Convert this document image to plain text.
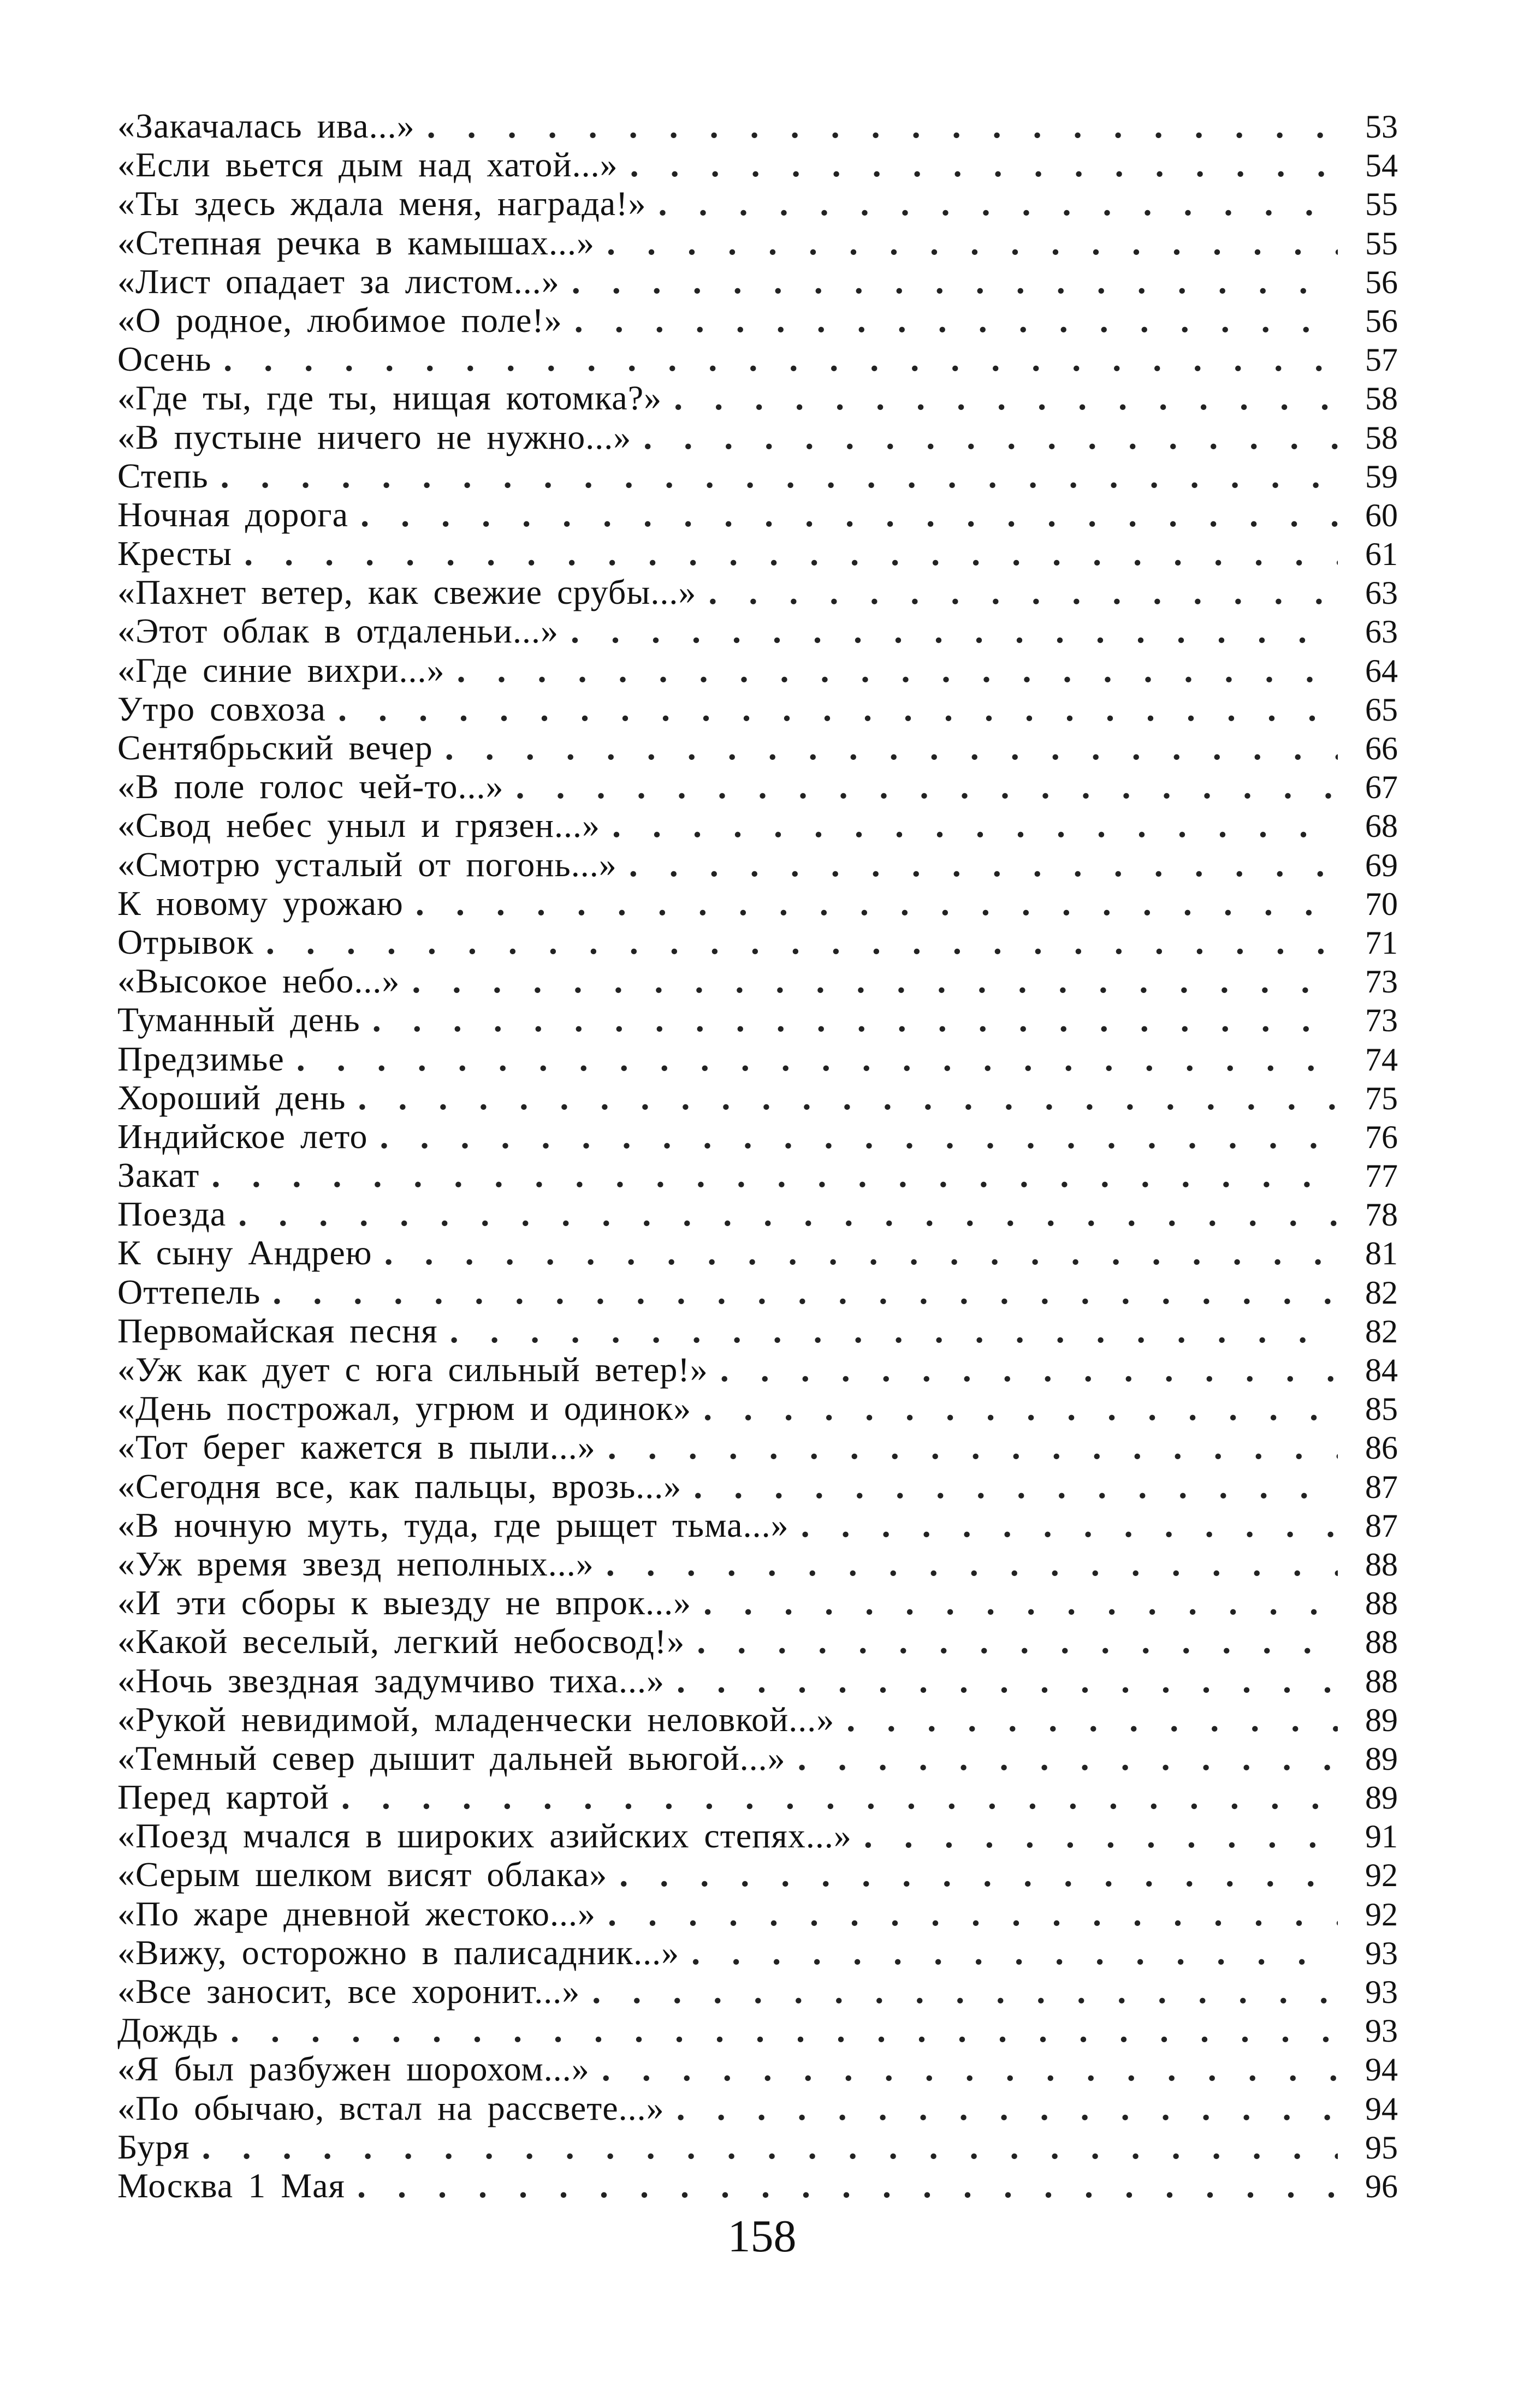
«Закачалась ива...» . . .	53
«Если вьется дым над хатой...» . . .	54
«Ты здесь ждала меня, награда!» . . .	55
«Степная речка в камышах...» . . .	55
«Лист опадает за листом...» . . .	56
«О родное, любимое поле!» . . .	56
Осень . . .	57
«Где ты, где ты, нищая котомка?» . . .	58
«В пустыне ничего не нужно...» . . .	58
Степь . . .	59
Ночная дорога . . .	60
Кресты . . .	61
«Пахнет ветер, как свежие срубы...» . . .	63
«Этот облак в отдаленьи...» . . .	63
«Где синие вихри...» . . .	64
Утро совхоза . . .	65
Сентябрьский вечер . . .	66
«В поле голос чей-то...» . . .	67
«Свод небес уныл и грязен...» . . .	68
«Смотрю усталый от погонь...» . . .	69
К новому урожаю . . .	70
Отрывок . . .	71
«Высокое небо...» . . .	73
Туманный день . . .	73
Предзимье . . .	74
Хороший день . . .	75
Индийское лето . . .	76
Закат . . .	77
Поезда . . .	78
К сыну Андрею . . .	81
Оттепель . . .	82
Первомайская песня . . .	82
«Уж как дует с юга сильный ветер!» . . .	84
«День построжал, угрюм и одинок» . . .	85
«Тот берег кажется в пыли...» . . .	86
«Сегодня все, как пальцы, врозь...» . . .	87
«В ночную муть, туда, где рыщет тьма...» . . .	87
«Уж время звезд неполных...» . . .	88
«И эти сборы к выезду не впрок...» . . .	88
«Какой веселый, легкий небосвод!» . . .	88
«Ночь звездная задумчиво тиха...» . . .	88
«Рукой невидимой, младенчески неловкой...» . . .	89
«Темный север дышит дальней вьюгой...» . . .	89
Перед картой . . .	89
«Поезд мчался в широких азийских степях...» . . .	91
«Серым шелком висят облака» . . .	92
«По жаре дневной жестоко...» . . .	92
«Вижу, осторожно в палисадник...» . . .	93
«Все заносит, все хоронит...» . . .	93
Дождь . . .	93
«Я был разбужен шорохом...» . . .	94
«По обычаю, встал на рассвете...» . . .	94
Буря . . .	95
Москва 1 Мая . . .	96
158
